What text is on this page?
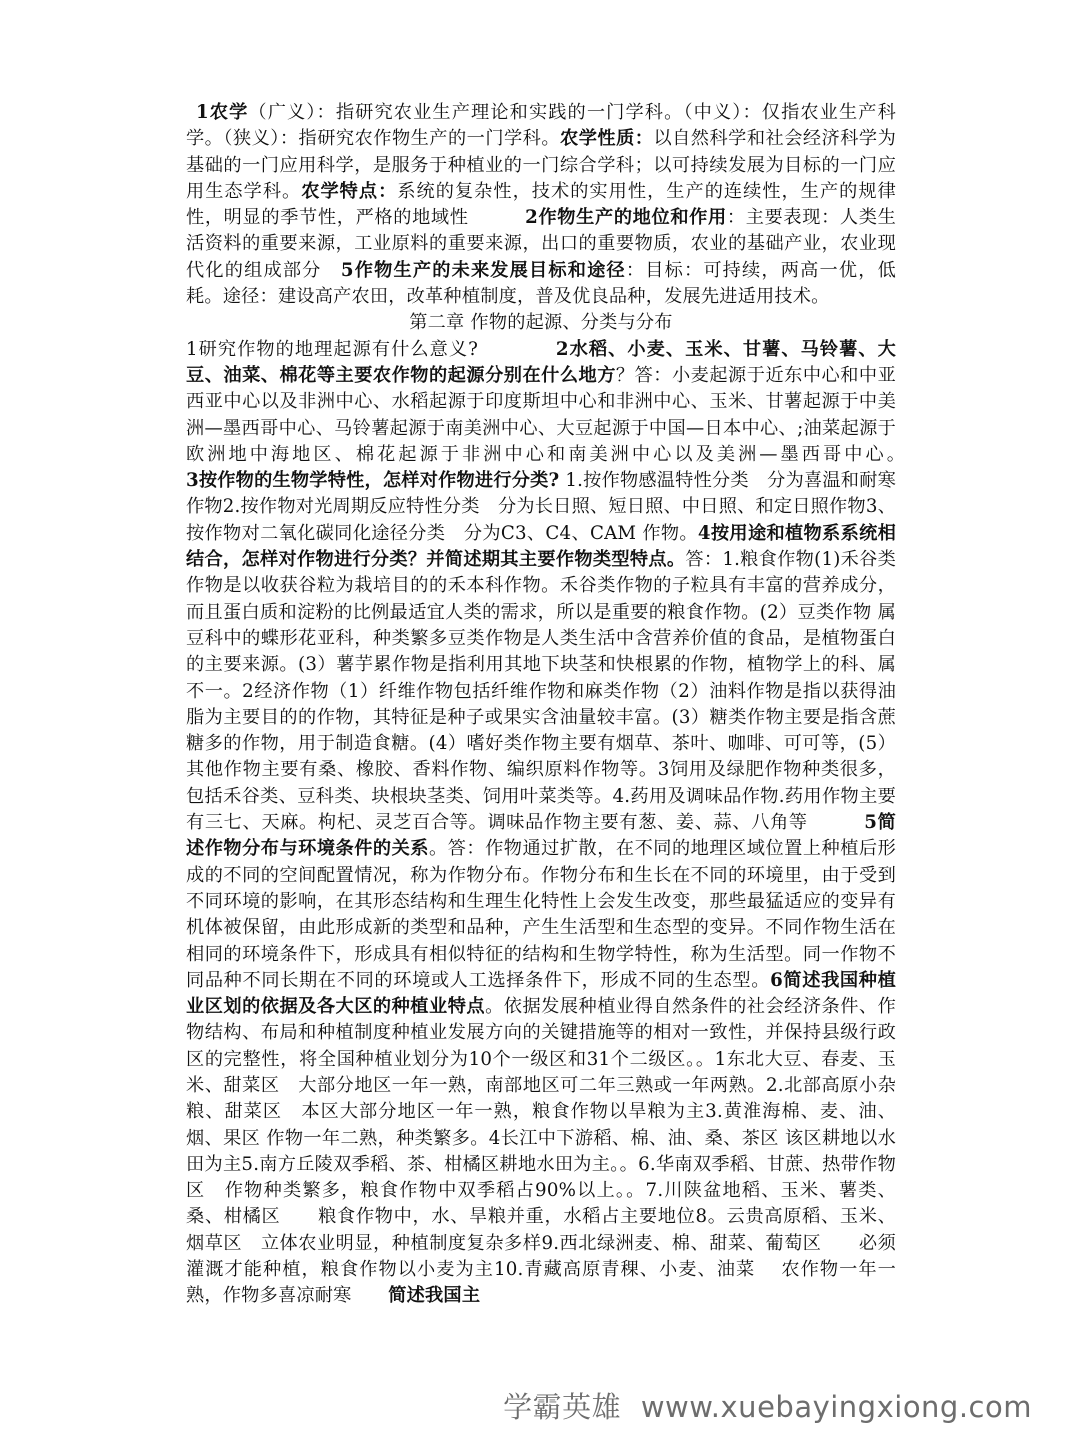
1农学（广义）：指研究农业生产理论和实践的一门学科。（中义）：仅指农业生产科学。（狭义）：指研究农作物生产的一门学科。农学性质：以自然科学和社会经济科学为基础的一门应用科学，是服务于种植业的一门综合学科；以可持续发展为目标的一门应用生态学科。农学特点：系统的复杂性，技术的实用性，生产的连续性，生产的规律性，明显的季节性，严格的地域性　　　2作物生产的地位和作用：主要表现：人类生活资料的重要来源，工业原料的重要来源，出口的重要物质，农业的基础产业，农业现代化的组成部分　5作物生产的未来发展目标和途径：目标：可持续，两高一优，低耗。途径：建设高产农田，改革种植制度，普及优良品种，发展先进适用技术。

第二章 作物的起源、分类与分布

1研究作物的地理起源有什么意义?　　　　2水稻、小麦、玉米、甘薯、马铃薯、大豆、油菜、棉花等主要农作物的起源分别在什么地方？答：小麦起源于近东中心和中亚西亚中心以及非洲中心、水稻起源于印度斯坦中心和非洲中心、玉米、甘薯起源于中美洲—墨西哥中心、马铃薯起源于南美洲中心、大豆起源于中国—日本中心、;油菜起源于欧洲地中海地区、棉花起源于非洲中心和南美洲中心以及美洲—墨西哥中心。　　　　　3按作物的生物学特性，怎样对作物进行分类? 1.按作物感温特性分类　分为喜温和耐寒作物2.按作物对光周期反应特性分类　分为长日照、短日照、中日照、和定日照作物3、按作物对二氧化碳同化途径分类　分为C3、C4、CAM 作物。4按用途和植物系系统相结合，怎样对作物进行分类？并简述期其主要作物类型特点。答：1.粮食作物(1)禾谷类作物是以收获谷粒为栽培目的的禾本科作物。禾谷类作物的子粒具有丰富的营养成分，而且蛋白质和淀粉的比例最适宜人类的需求，所以是重要的粮食作物。(2）豆类作物 属豆科中的蝶形花亚科，种类繁多豆类作物是人类生活中含营养价值的食品，是植物蛋白的主要来源。(3）薯芋累作物是指利用其地下块茎和快根累的作物，植物学上的科、属不一。2经济作物（1）纤维作物包括纤维作物和麻类作物（2）油料作物是指以获得油脂为主要目的的作物，其特征是种子或果实含油量较丰富。(3）糖类作物主要是指含蔗糖多的作物，用于制造食糖。(4）嗜好类作物主要有烟草、茶叶、咖啡、可可等，(5）其他作物主要有桑、橡胶、香料作物、编织原料作物等。3饲用及绿肥作物种类很多，包括禾谷类、豆科类、块根块茎类、饲用叶菜类等。4.药用及调味品作物.药用作物主要有三七、天麻。枸杞、灵芝百合等。调味品作物主要有葱、姜、蒜、八角等　　　5简述作物分布与环境条件的关系。答：作物通过扩散，在不同的地理区域位置上种植后形成的不同的空间配置情况，称为作物分布。作物分布和生长在不同的环境里，由于受到不同环境的影响，在其形态结构和生理生化特性上会发生改变，那些最猛适应的变异有机体被保留，由此形成新的类型和品种，产生生活型和生态型的变异。不同作物生活在相同的环境条件下，形成具有相似特征的结构和生物学特性，称为生活型。同一作物不同品种不同长期在不同的环境或人工选择条件下，形成不同的生态型。6简述我国种植业区划的依据及各大区的种植业特点。依据发展种植业得自然条件的社会经济条件、作物结构、布局和种植制度种植业发展方向的关键措施等的相对一致性，并保持县级行政区的完整性，将全国种植业划分为10个一级区和31个二级区。。1东北大豆、春麦、玉米、甜菜区　大部分地区一年一熟，南部地区可二年三熟或一年两熟。2.北部高原小杂粮、甜菜区　本区大部分地区一年一熟，粮食作物以旱粮为主3.黄淮海棉、麦、油、烟、果区 作物一年二熟，种类繁多。4长江中下游稻、棉、油、桑、茶区 该区耕地以水田为主5.南方丘陵双季稻、茶、柑橘区耕地水田为主。。6.华南双季稻、甘蔗、热带作物区　作物种类繁多，粮食作物中双季稻占90%以上。。7.川陕盆地稻、玉米、薯类、桑、柑橘区　　粮食作物中，水、旱粮并重，水稻占主要地位8。云贵高原稻、玉米、烟草区　立体农业明显，种植制度复杂多样9.西北绿洲麦、棉、甜菜、葡萄区　　必须灌溉才能种植，粮食作物以小麦为主10.青藏高原青稞、小麦、油菜　 农作物一年一熟，作物多喜凉耐寒　　简述我国主

学霸英雄 www.xuebayingxiong.com
